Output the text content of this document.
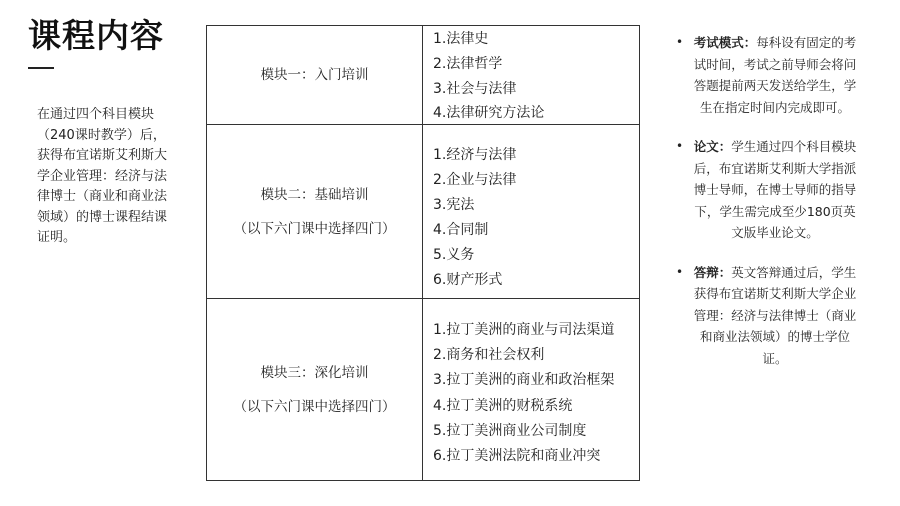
课程内容
在通过四个科目模块（240课时教学）后，获得布宜诺斯艾利斯大学企业管理：经济与法律博士（商业和商业法领域）的博士课程结课证明。
模块一：入门培训
1.法律史
2.法律哲学
3.社会与法律
4.法律研究方法论
模块二：基础培训
（以下六门课中选择四门）
1.经济与法律
2.企业与法律
3.宪法
4.合同制
5.义务
6.财产形式
模块三：深化培训
（以下六门课中选择四门）
1.拉丁美洲的商业与司法渠道
2.商务和社会权利
3.拉丁美洲的商业和政治框架
4.拉丁美洲的财税系统
5.拉丁美洲商业公司制度
6.拉丁美洲法院和商业冲突
• 考试模式：每科设有固定的考试时间，考试之前导师会将问答题提前两天发送给学生，学生在指定时间内完成即可。
• 论文：学生通过四个科目模块后，布宜诺斯艾利斯大学指派博士导师，在博士导师的指导下，学生需完成至少180页英文版毕业论文。
• 答辩：英文答辩通过后，学生获得布宜诺斯艾利斯大学企业管理：经济与法律博士（商业和商业法领域）的博士学位证。
